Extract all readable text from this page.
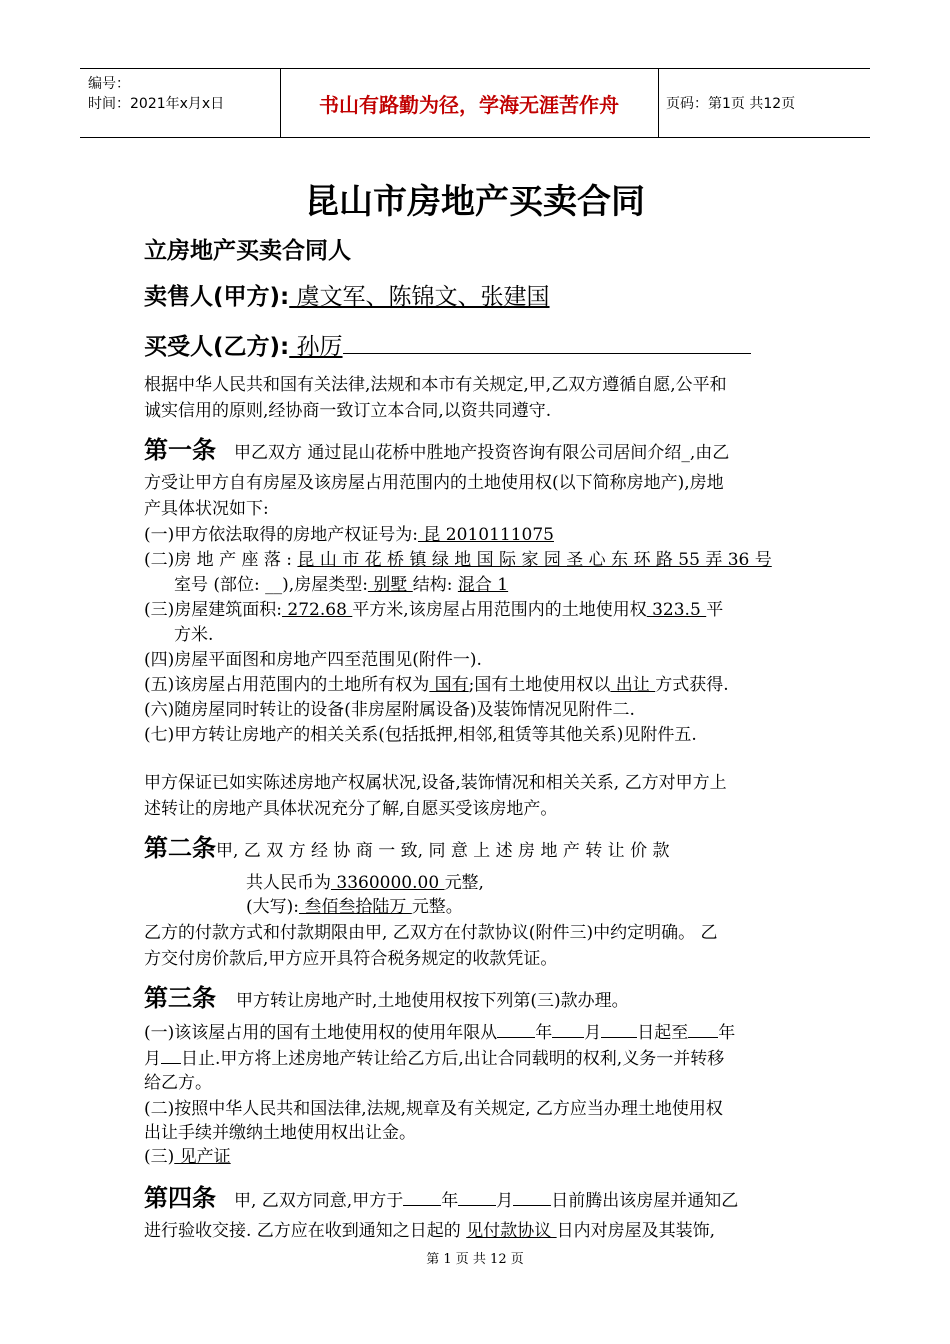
编号：
时间：2021年x月x日	书山有路勤为径，学海无涯苦作舟	页码：第1页 共12页
昆山市房地产买卖合同
立房地产买卖合同人
卖售人(甲方): 虞文军、陈锦文、张建国
买受人(乙方): 孙厉
根据中华人民共和国有关法律,法规和本市有关规定,甲,乙双方遵循自愿,公平和
诚实信用的原则,经协商一致订立本合同,以资共同遵守.
第一条 甲乙双方 通过昆山花桥中胜地产投资咨询有限公司居间介绍_,由乙
方受让甲方自有房屋及该房屋占用范围内的土地使用权(以下简称房地产),房地
产具体状况如下:
(一)甲方依法取得的房地产权证号为: 昆 2010111075
(二)房 地 产 座 落 : 昆 山 市 花 桥 镇 绿 地 国 际 家 园 圣 心 东 环 路 55 弄 36 号
室号 (部位: __),房屋类型: 别墅 结构: 混合 1
(三)房屋建筑面积: 272.68 平方米,该房屋占用范围内的土地使用权 323.5 平
方米.
(四)房屋平面图和房地产四至范围见(附件一).
(五)该房屋占用范围内的土地所有权为 国有;国有土地使用权以 出让 方式获得.
(六)随房屋同时转让的设备(非房屋附属设备)及装饰情况见附件二.
(七)甲方转让房地产的相关关系(包括抵押,相邻,租赁等其他关系)见附件五.
甲方保证已如实陈述房地产权属状况,设备,装饰情况和相关关系, 乙方对甲方上
述转让的房地产具体状况充分了解,自愿买受该房地产。
第二条甲, 乙 双 方 经 协 商 一 致, 同 意 上 述 房 地 产 转 让 价 款
共人民币为 3360000.00 元整,
(大写): 叁佰叁拾陆万 元整。
乙方的付款方式和付款期限由甲, 乙双方在付款协议(附件三)中约定明确。 乙
方交付房价款后,甲方应开具符合税务规定的收款凭证。
第三条 甲方转让房地产时,土地使用权按下列第(三)款办理。
(一)该该屋占用的国有土地使用权的使用年限从 年 月 日起至 年
月 日止.甲方将上述房地产转让给乙方后,出让合同载明的权利,义务一并转移
给乙方。
(二)按照中华人民共和国法律,法规,规章及有关规定, 乙方应当办理土地使用权
出让手续并缴纳土地使用权出让金。
(三) 见产证
第四条 甲, 乙双方同意,甲方于 年 月 日前腾出该房屋并通知乙
进行验收交接. 乙方应在收到通知之日起的 见付款协议 日内对房屋及其装饰,
第 1 页 共 12 页
